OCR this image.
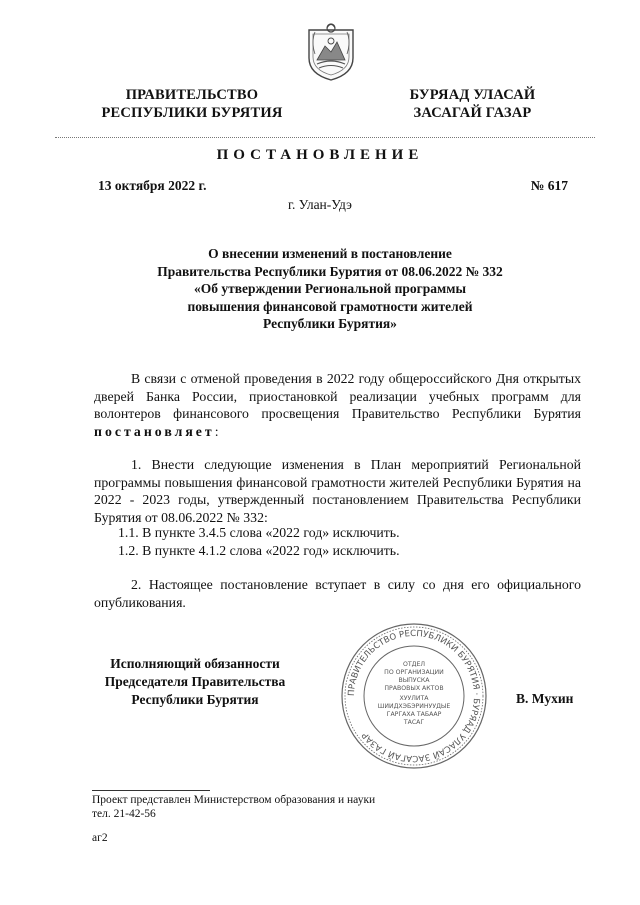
ПРАВИТЕЛЬСТВО
РЕСПУБЛИКИ БУРЯТИЯ
БУРЯАД УЛАСАЙ
ЗАСАГАЙ ГАЗАР
ПОСТАНОВЛЕНИЕ
13 октября 2022 г.	№ 617
г. Улан-Удэ
О внесении изменений в постановление
Правительства Республики Бурятия от 08.06.2022 № 332
«Об утверждении Региональной программы
повышения финансовой грамотности жителей
Республики Бурятия»
В связи с отменой проведения в 2022 году общероссийского Дня открытых дверей Банка России, приостановкой реализации учебных программ для волонтеров финансового просвещения Правительство Республики Бурятия постановляет:
1. Внести следующие изменения в План мероприятий Региональной программы повышения финансовой грамотности жителей Республики Бурятия на 2022 - 2023 годы, утвержденный постановлением Правительства Республики Бурятия от 08.06.2022 № 332:
1.1. В пункте 3.4.5 слова «2022 год» исключить.
1.2. В пункте 4.1.2 слова «2022 год» исключить.
2. Настоящее постановление вступает в силу со дня его официального опубликования.
ПРАВИТЕЛЬСТВО РЕСПУБЛИКИ БУРЯТИЯ · БУРЯАД УЛАСАЙ ЗАСАГАЙ ГАЗАР
ОТДЕЛ
ПО ОРГАНИЗАЦИИ
ВЫПУСКА
ПРАВОВЫХ АКТОВ
ХУУЛИТА
ШИИДХЭБЭРИНУУДЫЕ
ГАРГАХА ТАБААР
ТАСАГ
Исполняющий обязанности
Председателя Правительства
Республики Бурятия	В. Мухин
Проект представлен Министерством образования и науки
тел. 21-42-56
аг2
